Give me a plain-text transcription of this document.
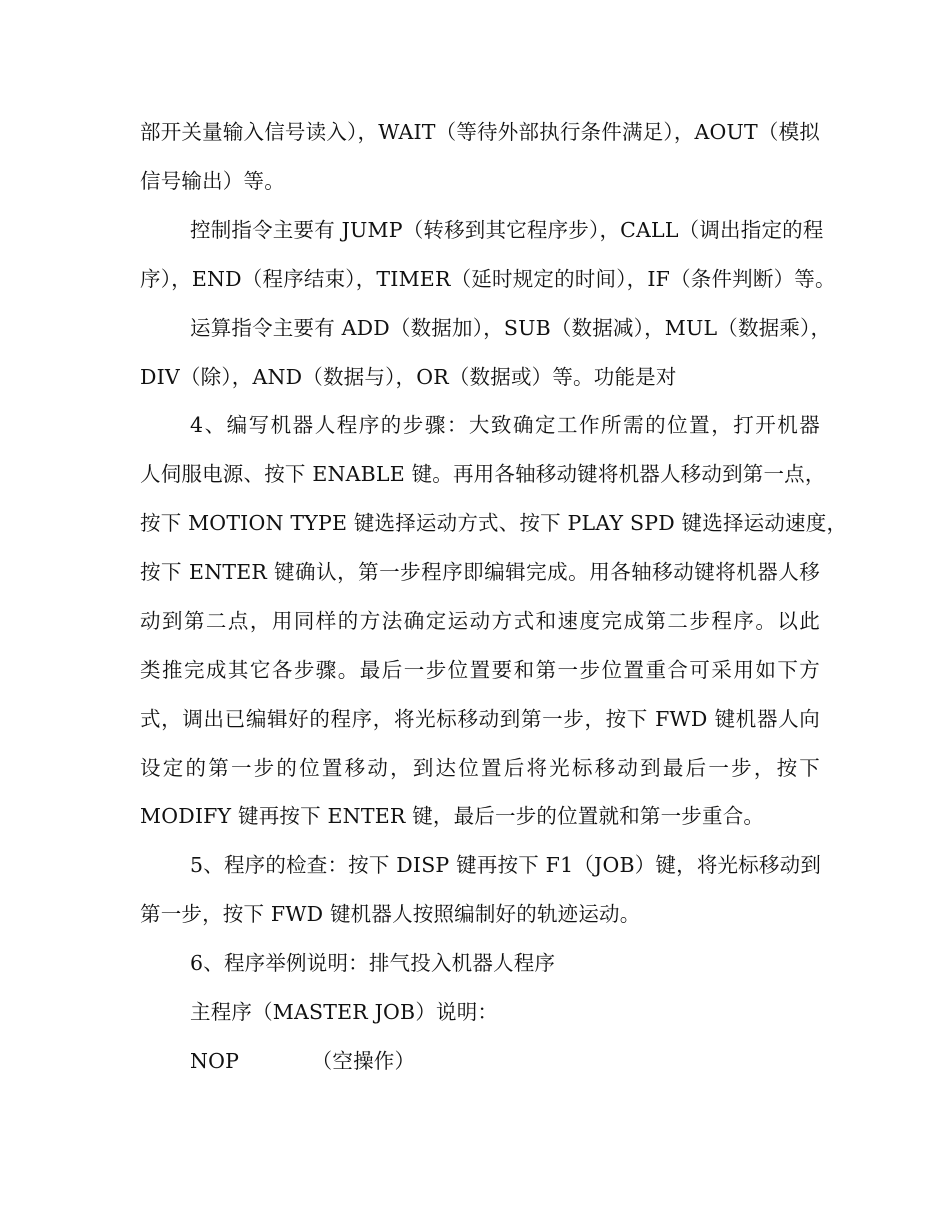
部开关量输入信号读入），WAIT（等待外部执行条件满足），AOUT（模拟
信号输出）等。
控制指令主要有 JUMP（转移到其它程序步），CALL（调出指定的程
序），END（程序结束），TIMER（延时规定的时间），IF（条件判断）等。
运算指令主要有 ADD（数据加），SUB（数据减），MUL（数据乘），
DIV（除），AND（数据与），OR（数据或）等。功能是对
4、编写机器人程序的步骤：大致确定工作所需的位置，打开机器
人伺服电源、按下 ENABLE 键。再用各轴移动键将机器人移动到第一点，
按下 MOTION TYPE 键选择运动方式、按下 PLAY SPD 键选择运动速度，
按下 ENTER 键确认，第一步程序即编辑完成。用各轴移动键将机器人移
动到第二点，用同样的方法确定运动方式和速度完成第二步程序。以此
类推完成其它各步骤。最后一步位置要和第一步位置重合可采用如下方
式，调出已编辑好的程序，将光标移动到第一步，按下 FWD 键机器人向
设定的第一步的位置移动，到达位置后将光标移动到最后一步，按下
MODIFY 键再按下 ENTER 键，最后一步的位置就和第一步重合。
5、程序的检查：按下 DISP 键再按下 F1（JOB）键，将光标移动到
第一步，按下 FWD 键机器人按照编制好的轨迹运动。
6、程序举例说明：排气投入机器人程序
主程序（MASTER JOB）说明：
NOP　　　　（空操作）
